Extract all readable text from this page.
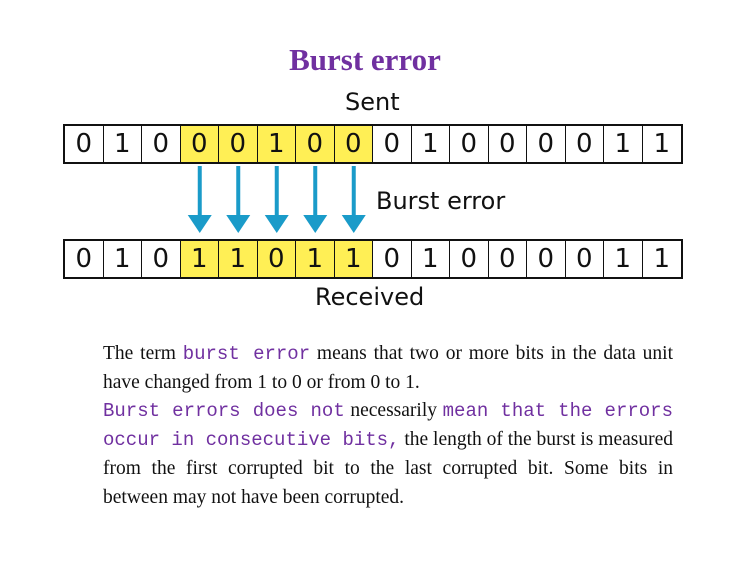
Burst error
Sent
0 1 0 0 0 1 0 0 0 1 0 0 0 0 1 1
Burst error
0 1 0 1 1 0 1 1 0 1 0 0 0 0 1 1
Received

The term burst error means that two or more bits in the data unit have changed from 1 to 0 or from 0 to 1.

Burst errors does not necessarily mean that the errors occur in consecutive bits, the length of the burst is measured from the first corrupted bit to the last corrupted bit. Some bits in between may not have been corrupted.
